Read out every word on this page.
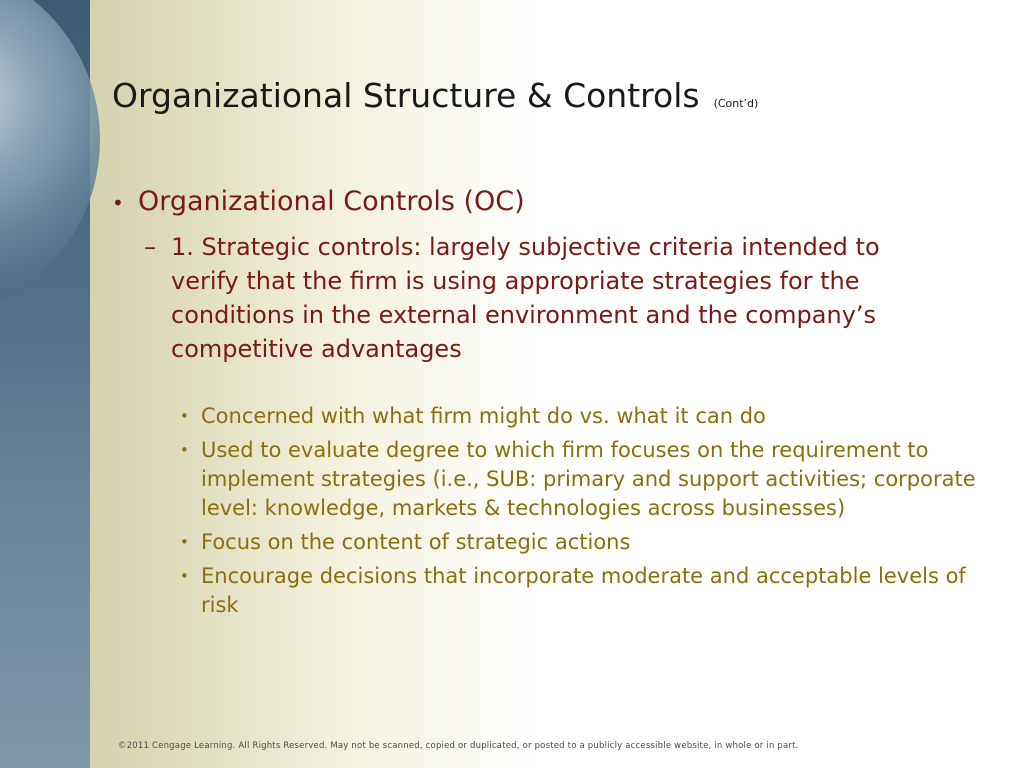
Organizational Structure & Controls (Cont’d)
• Organizational Controls (OC)
– 1. Strategic controls: largely subjective criteria intended to verify that the firm is using appropriate strategies for the conditions in the external environment and the company’s competitive advantages
• Concerned with what firm might do vs. what it can do
• Used to evaluate degree to which firm focuses on the requirement to implement strategies (i.e., SUB: primary and support activities; corporate level: knowledge, markets & technologies across businesses)
• Focus on the content of strategic actions
• Encourage decisions that incorporate moderate and acceptable levels of risk
©2011 Cengage Learning. All Rights Reserved. May not be scanned, copied or duplicated, or posted to a publicly accessible website, in whole or in part.
